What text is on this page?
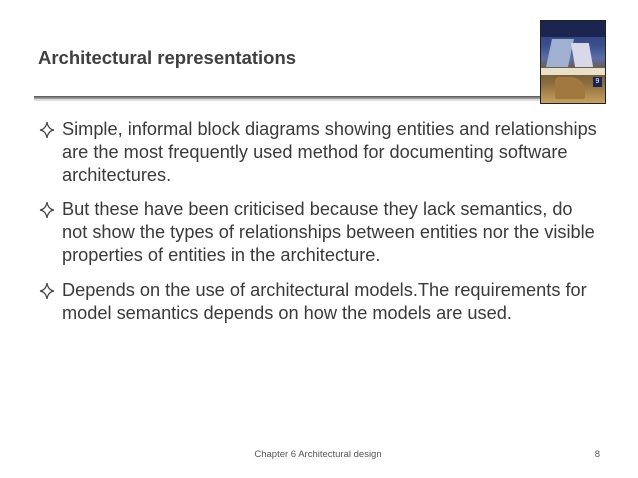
Architectural representations
9
Simple, informal block diagrams showing entities and relationships are the most frequently used method for documenting software architectures.
But these have been criticised because they lack semantics, do not show the types of relationships between entities nor the visible properties of entities in the architecture.
Depends on the use of architectural models.The requirements for model semantics depends on how the models are used.
Chapter 6 Architectural design	8
